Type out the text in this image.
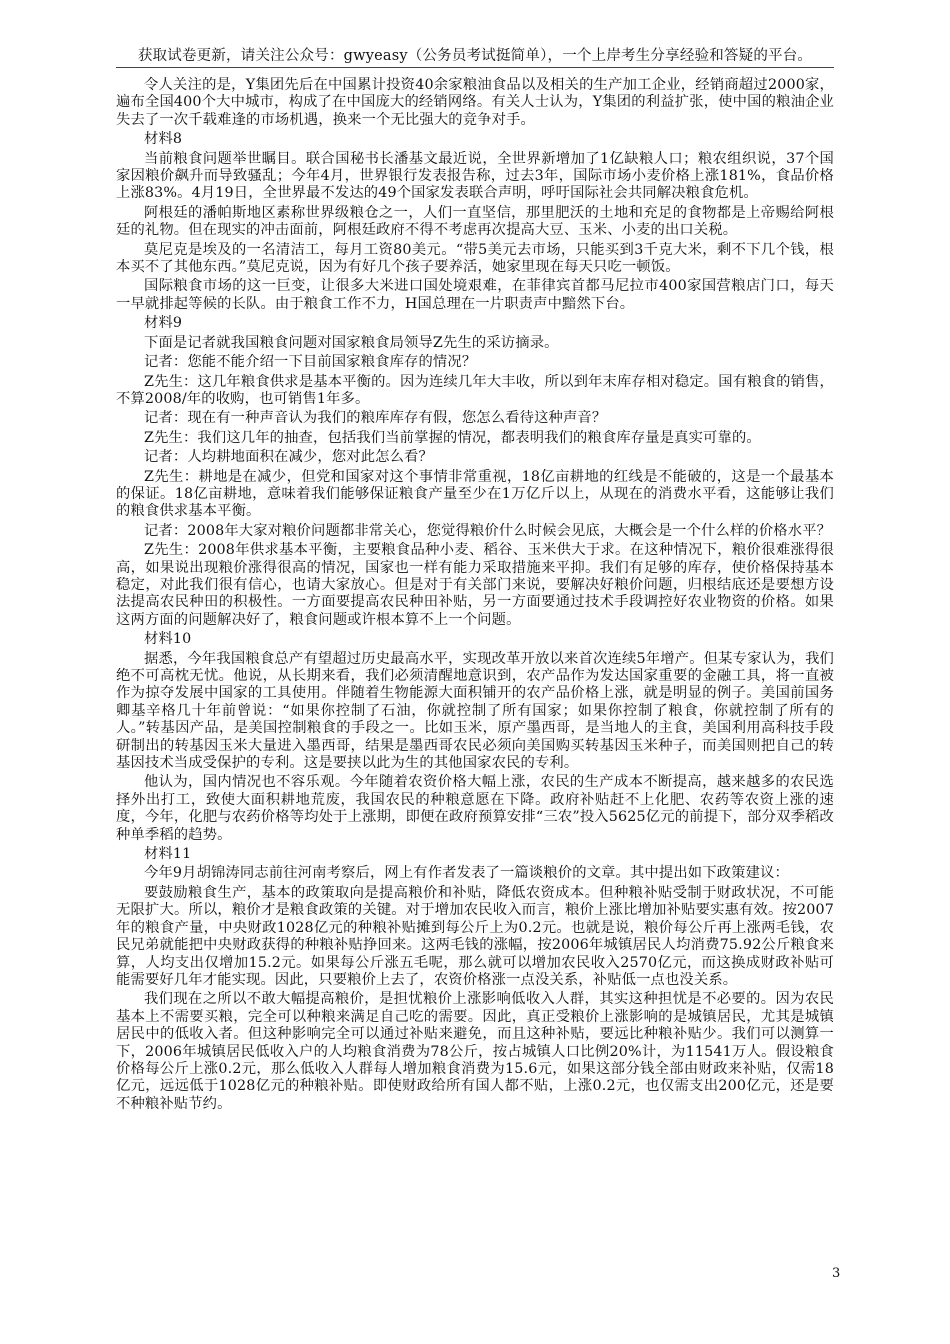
获取试卷更新，请关注公众号：gwyeasy（公务员考试挺简单），一个上岸考生分享经验和答疑的平台。

令人关注的是，Y集团先后在中国累计投资40余家粮油食品以及相关的生产加工企业，经销商超过2000家，遍布全国400个大中城市，构成了在中国庞大的经销网络。有关人士认为，Y集团的利益扩张，使中国的粮油企业失去了一次千载难逢的市场机遇，换来一个无比强大的竞争对手。

材料8

当前粮食问题举世瞩目。联合国秘书长潘基文最近说，全世界新增加了1亿缺粮人口；粮农组织说，37个国家因粮价飙升而导致骚乱；今年4月，世界银行发表报告称，过去3年，国际市场小麦价格上涨181%，食品价格上涨83%。4月19日，全世界最不发达的49个国家发表联合声明，呼吁国际社会共同解决粮食危机。

阿根廷的潘帕斯地区素称世界级粮仓之一，人们一直坚信，那里肥沃的土地和充足的食物都是上帝赐给阿根廷的礼物。但在现实的冲击面前，阿根廷政府不得不考虑再次提高大豆、玉米、小麦的出口关税。

莫尼克是埃及的一名清洁工，每月工资80美元。“带5美元去市场，只能买到3千克大米，剩不下几个钱，根本买不了其他东西。”莫尼克说，因为有好几个孩子要养活，她家里现在每天只吃一顿饭。

国际粮食市场的这一巨变，让很多大米进口国处境艰难，在菲律宾首都马尼拉市400家国营粮店门口，每天一早就排起等候的长队。由于粮食工作不力，H国总理在一片职责声中黯然下台。

材料9

下面是记者就我国粮食问题对国家粮食局领导Z先生的采访摘录。

记者：您能不能介绍一下目前国家粮食库存的情况？

Z先生：这几年粮食供求是基本平衡的。因为连续几年大丰收，所以到年末库存相对稳定。国有粮食的销售，不算2008/年的收购，也可销售1年多。

记者：现在有一种声音认为我们的粮库库存有假，您怎么看待这种声音？

Z先生：我们这几年的抽查，包括我们当前掌握的情况，都表明我们的粮食库存量是真实可靠的。

记者：人均耕地面积在减少，您对此怎么看？

Z先生：耕地是在减少，但党和国家对这个事情非常重视，18亿亩耕地的红线是不能破的，这是一个最基本的保证。18亿亩耕地，意味着我们能够保证粮食产量至少在1万亿斤以上，从现在的消费水平看，这能够让我们的粮食供求基本平衡。

记者：2008年大家对粮价问题都非常关心，您觉得粮价什么时候会见底，大概会是一个什么样的价格水平？

Z先生：2008年供求基本平衡，主要粮食品种小麦、稻谷、玉米供大于求。在这种情况下，粮价很难涨得很高，如果说出现粮价涨得很高的情况，国家也一样有能力采取措施来平抑。我们有足够的库存，使价格保持基本稳定，对此我们很有信心，也请大家放心。但是对于有关部门来说，要解决好粮价问题，归根结底还是要想方设法提高农民种田的积极性。一方面要提高农民种田补贴，另一方面要通过技术手段调控好农业物资的价格。如果这两方面的问题解决好了，粮食问题或许根本算不上一个问题。

材料10

据悉，今年我国粮食总产有望超过历史最高水平，实现改革开放以来首次连续5年增产。但某专家认为，我们绝不可高枕无忧。他说，从长期来看，我们必须清醒地意识到，农产品作为发达国家重要的金融工具，将一直被作为掠夺发展中国家的工具使用。伴随着生物能源大面积铺开的农产品价格上涨，就是明显的例子。美国前国务卿基辛格几十年前曾说：“如果你控制了石油，你就控制了所有国家；如果你控制了粮食，你就控制了所有的人。”转基因产品，是美国控制粮食的手段之一。比如玉米，原产墨西哥，是当地人的主食，美国利用高科技手段研制出的转基因玉米大量进入墨西哥，结果是墨西哥农民必须向美国购买转基因玉米种子，而美国则把自己的转基因技术当成受保护的专利。这是要挟以此为生的其他国家农民的专利。

他认为，国内情况也不容乐观。今年随着农资价格大幅上涨，农民的生产成本不断提高，越来越多的农民选择外出打工，致使大面积耕地荒废，我国农民的种粮意愿在下降。政府补贴赶不上化肥、农药等农资上涨的速度，今年，化肥与农药价格等均处于上涨期，即便在政府预算安排“三农”投入5625亿元的前提下，部分双季稻改种单季稻的趋势。

材料11

今年9月胡锦涛同志前往河南考察后，网上有作者发表了一篇谈粮价的文章。其中提出如下政策建议：

要鼓励粮食生产，基本的政策取向是提高粮价和补贴，降低农资成本。但种粮补贴受制于财政状况，不可能无限扩大。所以，粮价才是粮食政策的关键。对于增加农民收入而言，粮价上涨比增加补贴要实惠有效。按2007年的粮食产量，中央财政1028亿元的种粮补贴摊到每公斤上为0.2元。也就是说，粮价每公斤再上涨两毛钱，农民兄弟就能把中央财政获得的种粮补贴挣回来。这两毛钱的涨幅，按2006年城镇居民人均消费75.92公斤粮食来算，人均支出仅增加15.2元。如果每公斤涨五毛呢，那么就可以增加农民收入2570亿元，而这换成财政补贴可能需要好几年才能实现。因此，只要粮价上去了，农资价格涨一点没关系，补贴低一点也没关系。

我们现在之所以不敢大幅提高粮价，是担忧粮价上涨影响低收入人群，其实这种担忧是不必要的。因为农民基本上不需要买粮，完全可以种粮来满足自己吃的需要。因此，真正受粮价上涨影响的是城镇居民，尤其是城镇居民中的低收入者。但这种影响完全可以通过补贴来避免，而且这种补贴，要远比种粮补贴少。我们可以测算一下，2006年城镇居民低收入户的人均粮食消费为78公斤，按占城镇人口比例20%计，为11541万人。假设粮食价格每公斤上涨0.2元，那么低收入人群每人增加粮食消费为15.6元，如果这部分钱全部由财政来补贴，仅需18亿元，远远低于1028亿元的种粮补贴。即使财政给所有国人都不贴，上涨0.2元，也仅需支出200亿元，还是要不种粮补贴节约。

3
